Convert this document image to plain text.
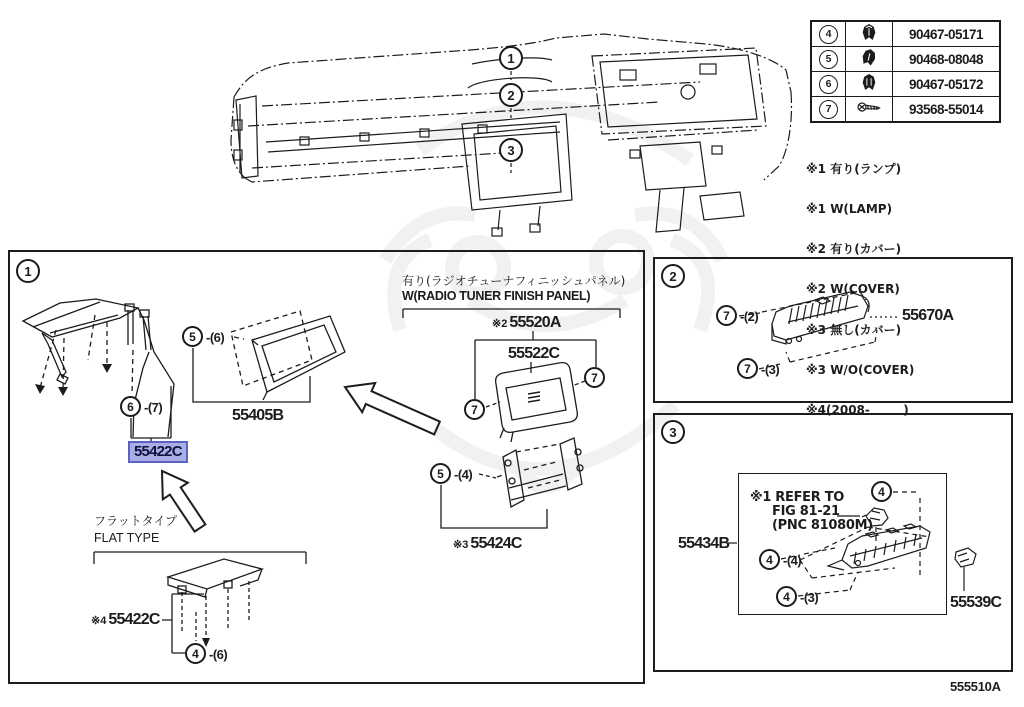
4		90467-05171

5		90468-08048

6		90467-05172

7		93568-55014

※1 有り(ランプ)

※1 W(LAMP)

※2 有り(カバー)

※2 W(COVER)

※3 無し(カバー)

※3 W/O(COVER)

※4(2008-        )

1
2
3
1
6 -(7)
55422C
5 -(6)
55405B
フラットタイプ
FLAT TYPE
※4 55422C
4 -(6)
有り(ラジオチューナフィニッシュパネル)
W(RADIO TUNER FINISH PANEL)
※2 55520A
55522C
7
7
5 -(4)
※3 55424C
2
7 -(2)
7 -(3)
55670A
3
※1 REFER TO
FIG 81-21
(PNC 81080M)
55434B
4
4 -(4)
4 -(3)	55539C
555510A
